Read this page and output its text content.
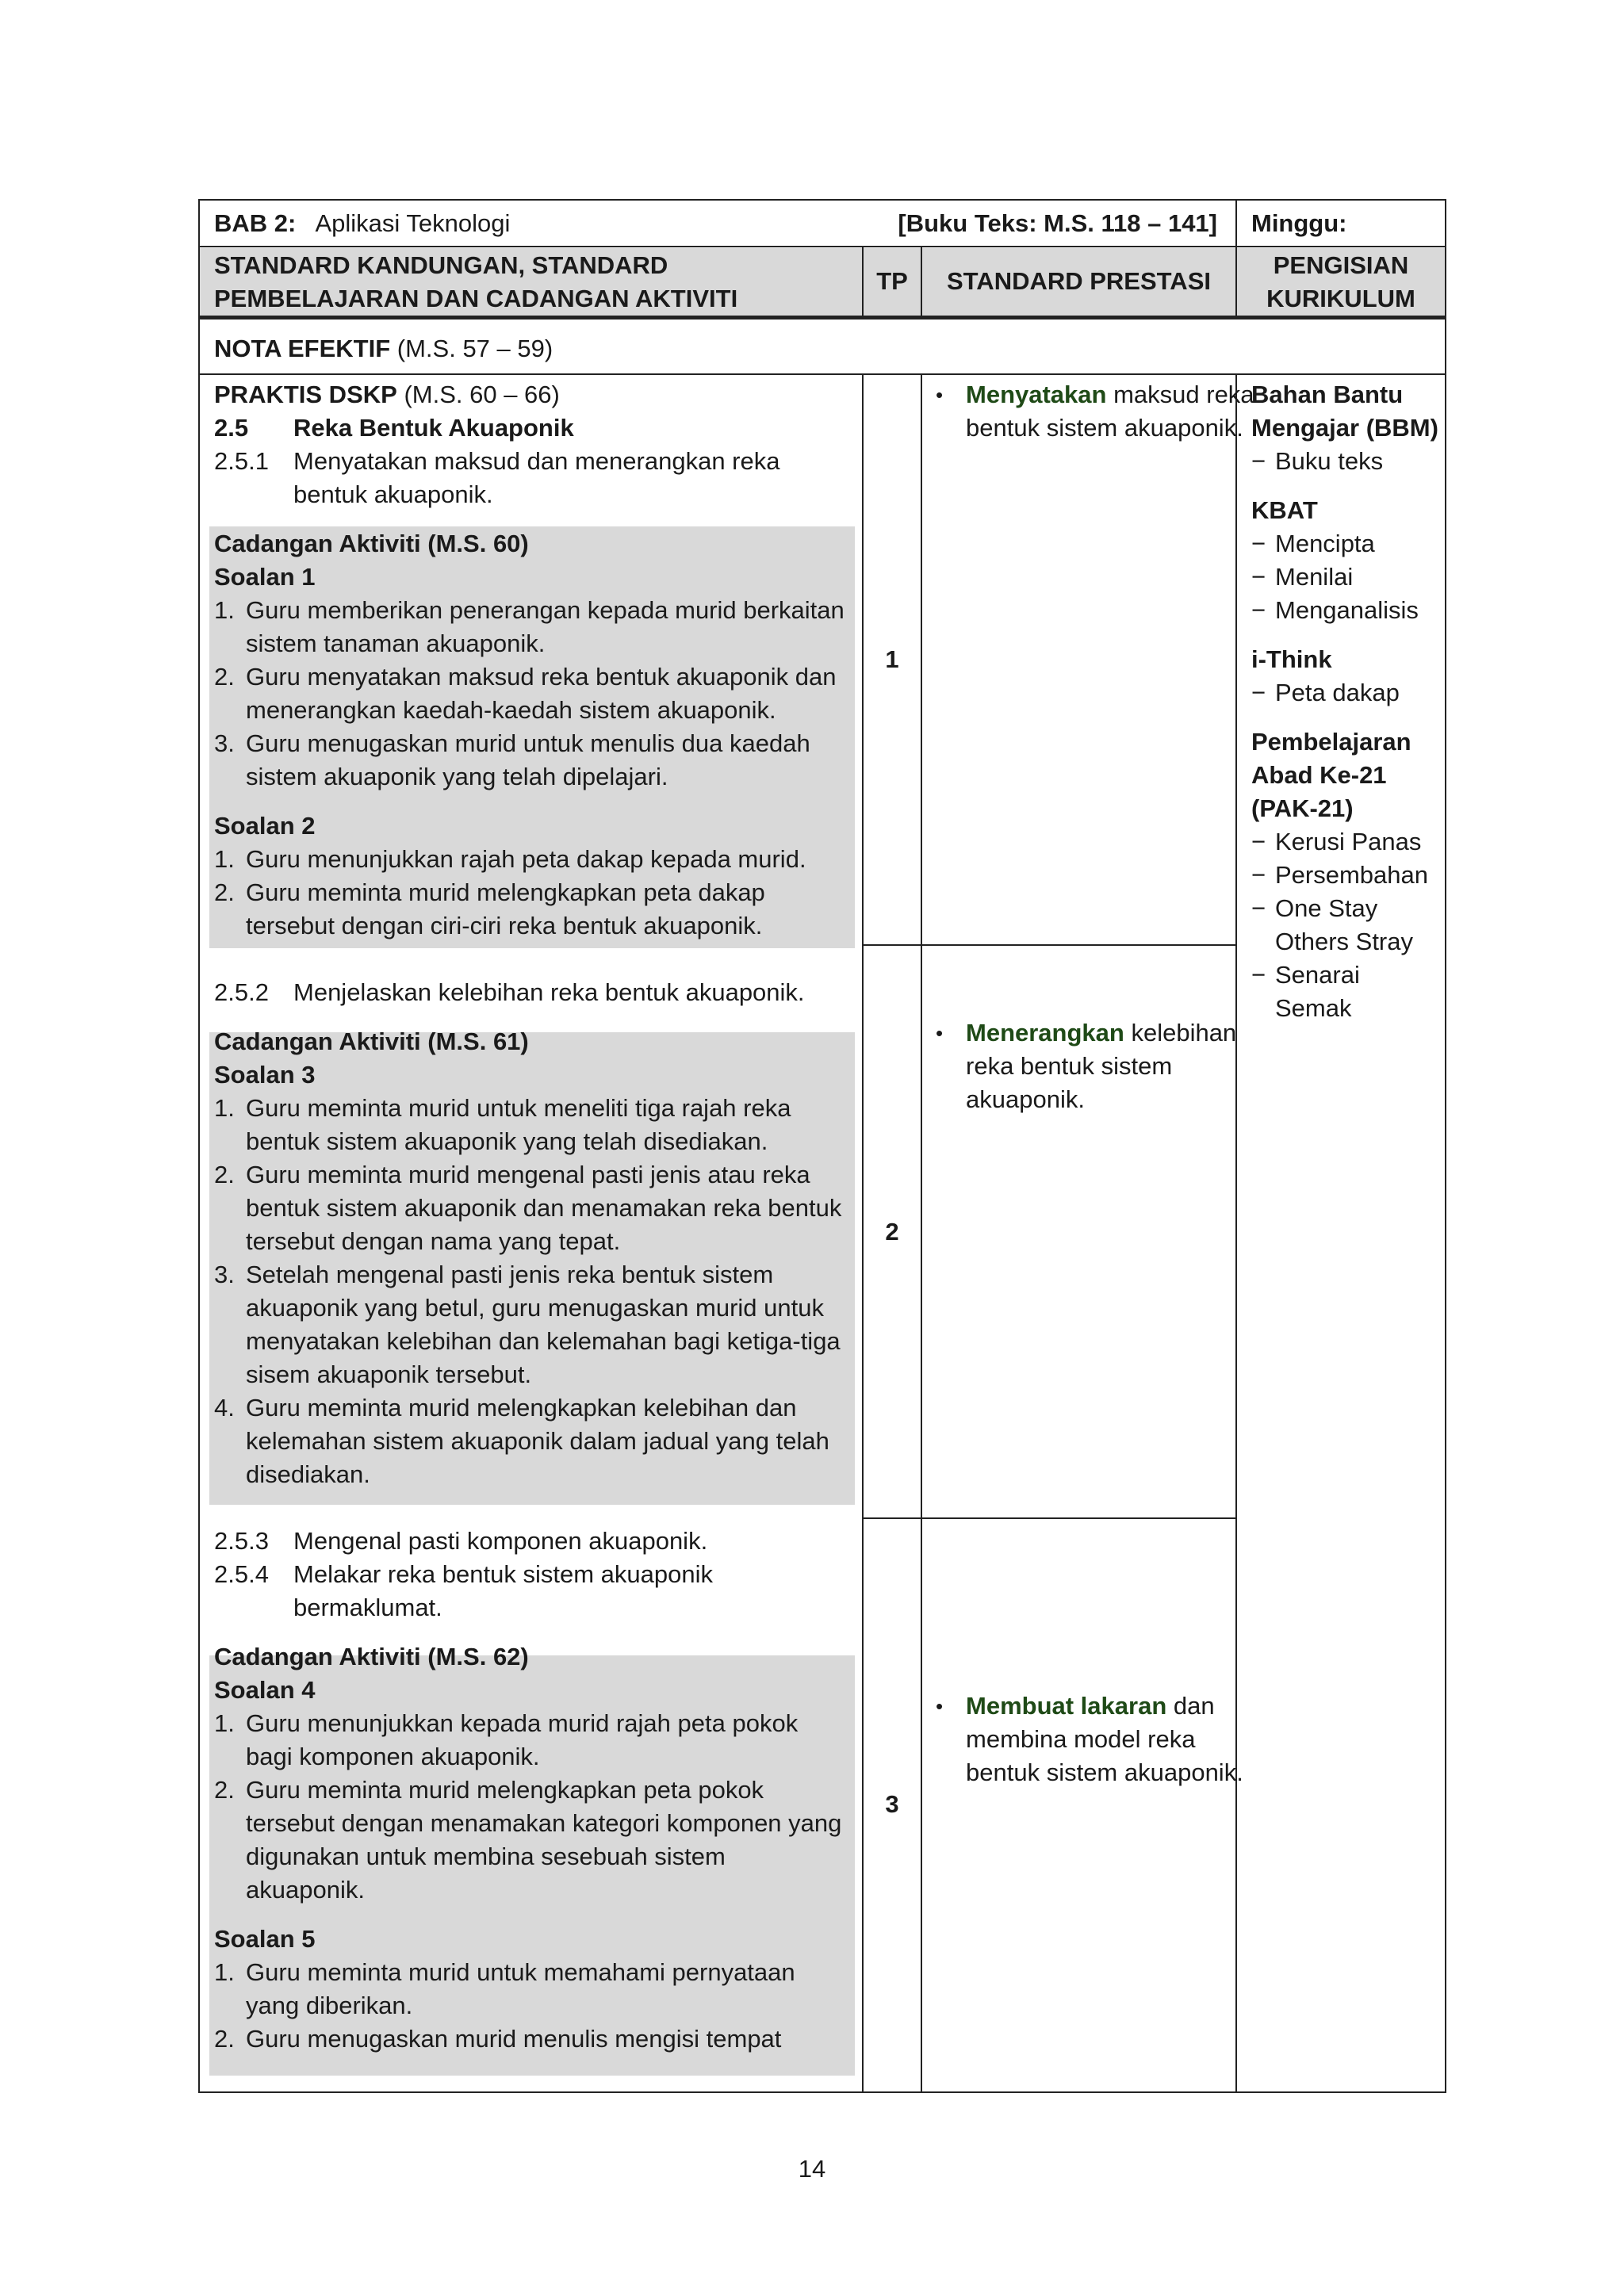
BAB 2: Aplikasi Teknologi	[Buku Teks: M.S. 118 – 141] Minggu:
STANDARD KANDUNGAN, STANDARD PEMBELAJARAN DAN CADANGAN AKTIVITI
TP	STANDARD PRESTASI
PENGISIAN KURIKULUM
NOTA EFEKTIF (M.S. 57 – 59)
PRAKTIS DSKP (M.S. 60 – 66)
2.5 Reka Bentuk Akuaponik
2.5.1 Menyatakan maksud dan menerangkan reka bentuk akuaponik.
Cadangan Aktiviti (M.S. 60)
Soalan 1
1. Guru memberikan penerangan kepada murid berkaitan sistem tanaman akuaponik.
2. Guru menyatakan maksud reka bentuk akuaponik dan menerangkan kaedah-kaedah sistem akuaponik.
3. Guru menugaskan murid untuk menulis dua kaedah sistem akuaponik yang telah dipelajari.
Soalan 2
1. Guru menunjukkan rajah peta dakap kepada murid.
2. Guru meminta murid melengkapkan peta dakap tersebut dengan ciri-ciri reka bentuk akuaponik.
2.5.2 Menjelaskan kelebihan reka bentuk akuaponik.
Cadangan Aktiviti (M.S. 61)
Soalan 3
1. Guru meminta murid untuk meneliti tiga rajah reka bentuk sistem akuaponik yang telah disediakan.
2. Guru meminta murid mengenal pasti jenis atau reka bentuk sistem akuaponik dan menamakan reka bentuk tersebut dengan nama yang tepat.
3. Setelah mengenal pasti jenis reka bentuk sistem akuaponik yang betul, guru menugaskan murid untuk menyatakan kelebihan dan kelemahan bagi ketiga-tiga sisem akuaponik tersebut.
4. Guru meminta murid melengkapkan kelebihan dan kelemahan sistem akuaponik dalam jadual yang telah disediakan.
2.5.3 Mengenal pasti komponen akuaponik.
2.5.4 Melakar reka bentuk sistem akuaponik bermaklumat.
Cadangan Aktiviti (M.S. 62)
Soalan 4
1. Guru menunjukkan kepada murid rajah peta pokok bagi komponen akuaponik.
2. Guru meminta murid melengkapkan peta pokok tersebut dengan menamakan kategori komponen yang digunakan untuk membina sesebuah sistem akuaponik.
Soalan 5
1. Guru meminta murid untuk memahami pernyataan yang diberikan.
2. Guru menugaskan murid menulis mengisi tempat
1
2
3
• Menyatakan maksud reka bentuk sistem akuaponik.
• Menerangkan kelebihan reka bentuk sistem akuaponik.
• Membuat lakaran dan membina model reka bentuk sistem akuaponik.
Bahan Bantu Mengajar (BBM)
− Buku teks
KBAT
− Mencipta
− Menilai
− Menganalisis
i-Think
− Peta dakap
Pembelajaran Abad Ke-21 (PAK-21)
− Kerusi Panas
− Persembahan
− One Stay Others Stray
− Senarai Semak
14
